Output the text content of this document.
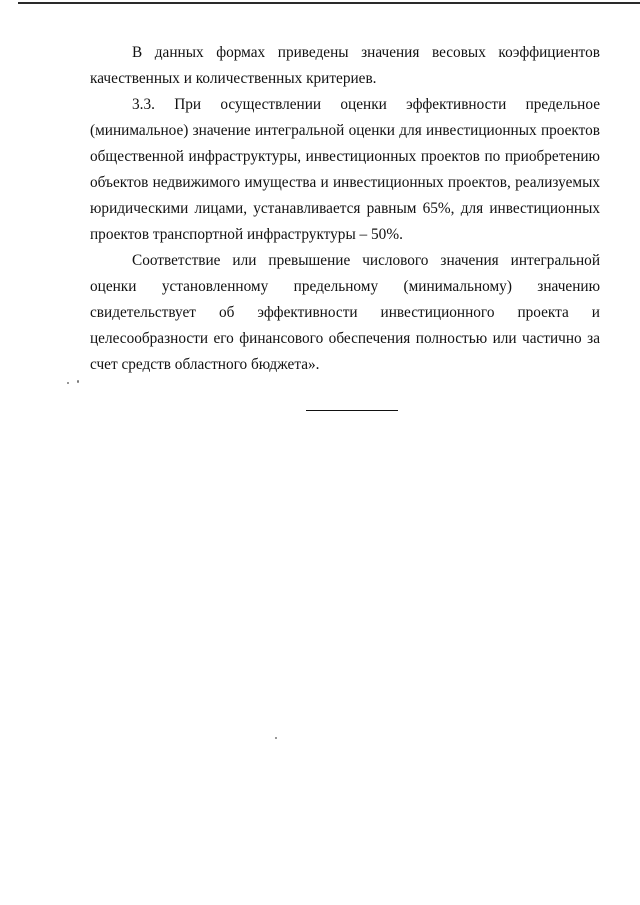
В данных формах приведены значения весовых коэффициентов качественных и количественных критериев.

3.3. При осуществлении оценки эффективности предельное (минимальное) значение интегральной оценки для инвестиционных проектов общественной инфраструктуры, инвестиционных проектов по приобретению объектов недвижимого имущества и инвестиционных проектов, реализуемых юридическими лицами, устанавливается равным 65%, для инвестиционных проектов транспортной инфраструктуры – 50%.

Соответствие или превышение числового значения интегральной оценки установленному предельному (минимальному) значению свидетельствует об эффективности инвестиционного проекта и целесообразности его финансового обеспечения полностью или частично за счет средств областного бюджета».
